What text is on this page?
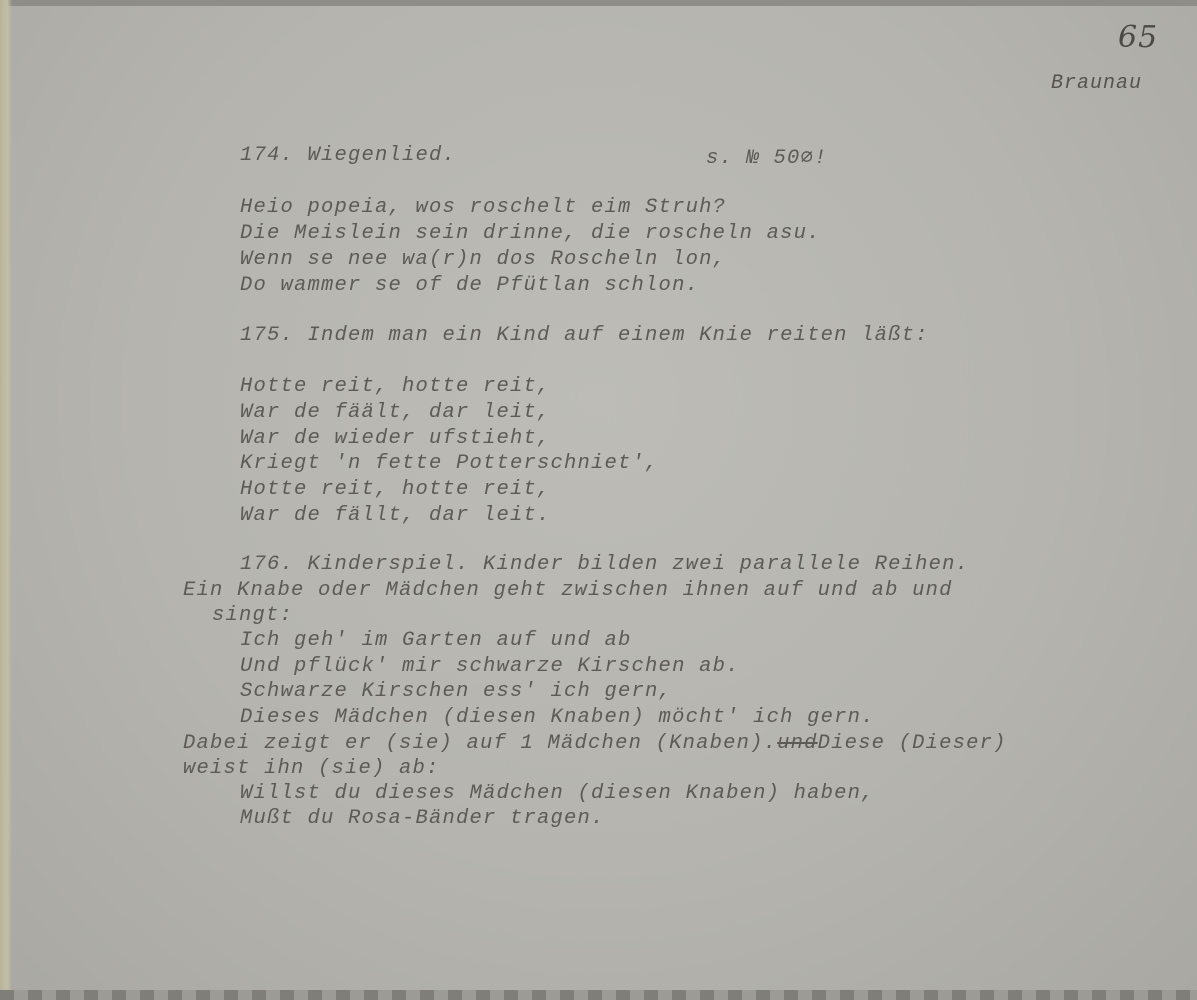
65
Braunau
174. Wiegenlied.	s. № 50∅!
Heio popeia, wos roschelt eim Struh?
Die Meislein sein drinne, die roscheln asu.
Wenn se nee wa(r)n dos Roscheln lon,
Do wammer se of de Pfütlan schlon.
175. Indem man ein Kind auf einem Knie reiten läßt:
Hotte reit, hotte reit,
War de fäält, dar leit,
War de wieder ufstieht,
Kriegt 'n fette Potterschniet',
Hotte reit, hotte reit,
War de fällt, dar leit.
176. Kinderspiel. Kinder bilden zwei parallele Reihen.
Ein Knabe oder Mädchen geht zwischen ihnen auf und ab und
singt:
Ich geh' im Garten auf und ab
Und pflück' mir schwarze Kirschen ab.
Schwarze Kirschen ess' ich gern,
Dieses Mädchen (diesen Knaben) möcht' ich gern.
Dabei zeigt er (sie) auf 1 Mädchen (Knaben).undDiese (Dieser)
weist ihn (sie) ab:
Willst du dieses Mädchen (diesen Knaben) haben,
Mußt du Rosa-Bänder tragen.
